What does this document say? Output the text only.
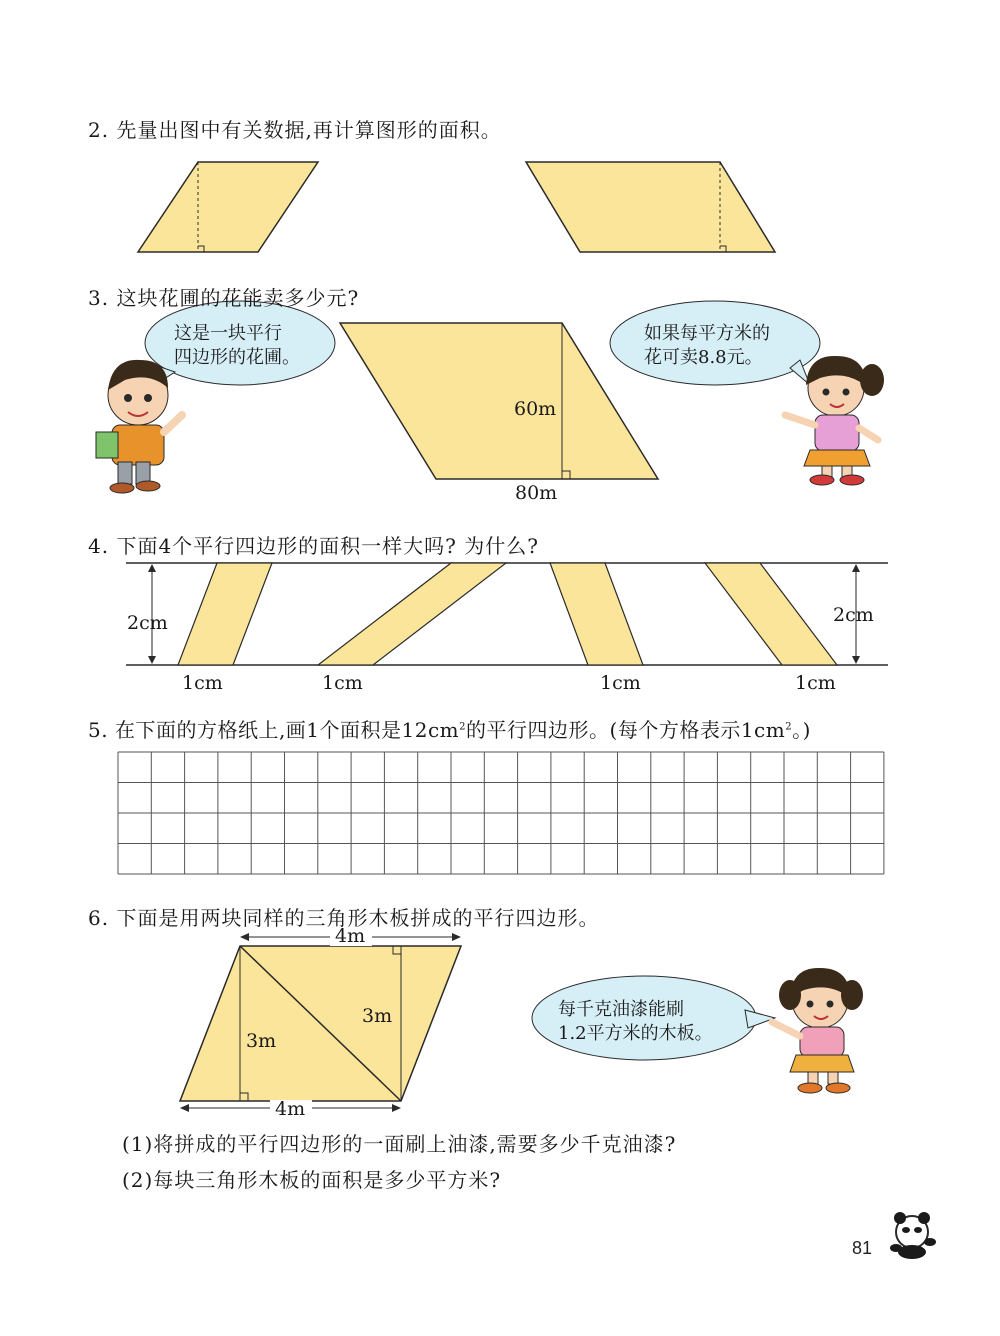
2. 先量出图中有关数据,再计算图形的面积。
3. 这块花圃的花能卖多少元?
这是一块平行
四边形的花圃。
如果每平方米的
花可卖8.8元。
60m
80m
4. 下面4个平行四边形的面积一样大吗? 为什么?
2cm	2cm
1cm	1cm	1cm	1cm
5. 在下面的方格纸上,画1个面积是$12cm^2$的平行四边形。(每个方格表示$1cm^2$。)
6. 下面是用两块同样的三角形木板拼成的平行四边形。
4m
4m
3m
3m	每千克油漆能刷
1.2平方米的木板。
(1)将拼成的平行四边形的一面刷上油漆,需要多少千克油漆?
(2)每块三角形木板的面积是多少平方米?
81
